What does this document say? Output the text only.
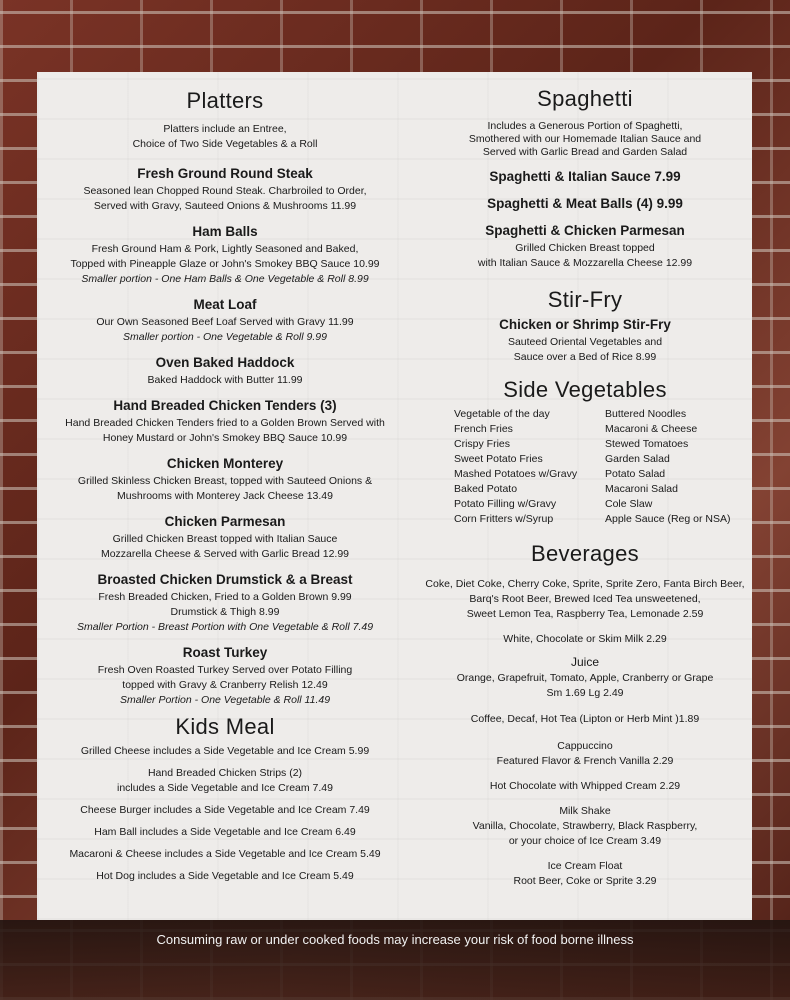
Platters
Platters include an Entree,
Choice of Two Side Vegetables & a Roll
Fresh Ground Round Steak
Seasoned lean Chopped Round Steak. Charbroiled to Order,
Served with Gravy, Sauteed Onions & Mushrooms 11.99
Ham Balls
Fresh Ground Ham & Pork, Lightly Seasoned and Baked,
Topped with Pineapple Glaze or John's Smokey BBQ Sauce 10.99
Smaller portion - One Ham Balls & One Vegetable & Roll 8.99
Meat Loaf
Our Own Seasoned Beef Loaf Served with Gravy 11.99
Smaller portion - One Vegetable & Roll 9.99
Oven Baked Haddock
Baked Haddock with Butter 11.99
Hand Breaded Chicken Tenders (3)
Hand Breaded Chicken Tenders fried to a Golden Brown Served with
Honey Mustard or John's Smokey BBQ Sauce 10.99
Chicken Monterey
Grilled Skinless Chicken Breast, topped with Sauteed Onions &
Mushrooms with Monterey Jack Cheese 13.49
Chicken Parmesan
Grilled Chicken Breast topped with Italian Sauce
Mozzarella Cheese & Served with Garlic Bread 12.99
Broasted Chicken Drumstick & a Breast
Fresh Breaded Chicken, Fried to a Golden Brown 9.99
Drumstick & Thigh 8.99
Smaller Portion - Breast Portion with One Vegetable & Roll 7.49
Roast Turkey
Fresh Oven Roasted Turkey Served over Potato Filling
topped with Gravy & Cranberry Relish 12.49
Smaller Portion - One Vegetable & Roll 11.49
Kids Meal
Grilled Cheese includes a Side Vegetable and Ice Cream 5.99
Hand Breaded Chicken Strips (2)
includes a Side Vegetable and Ice Cream 7.49
Cheese Burger includes a Side Vegetable and Ice Cream 7.49
Ham Ball includes a Side Vegetable and Ice Cream 6.49
Macaroni & Cheese includes a Side Vegetable and Ice Cream 5.49
Hot Dog includes a Side Vegetable and Ice Cream 5.49
Spaghetti
Includes a Generous Portion of Spaghetti,
Smothered with our Homemade Italian Sauce and
Served with Garlic Bread and Garden Salad
Spaghetti & Italian Sauce 7.99
Spaghetti & Meat Balls (4) 9.99
Spaghetti & Chicken Parmesan
Grilled Chicken Breast topped
with Italian Sauce & Mozzarella Cheese 12.99
Stir-Fry
Chicken or Shrimp Stir-Fry
Sauteed Oriental Vegetables and
Sauce over a Bed of Rice 8.99
Side Vegetables
Vegetable of the day
French Fries
Crispy Fries
Sweet Potato Fries
Mashed Potatoes w/Gravy
Baked Potato
Potato Filling w/Gravy
Corn Fritters w/Syrup
Buttered Noodles
Macaroni & Cheese
Stewed Tomatoes
Garden Salad
Potato Salad
Macaroni Salad
Cole Slaw
Apple Sauce (Reg or NSA)
Beverages
Coke, Diet Coke, Cherry Coke, Sprite, Sprite Zero, Fanta Birch Beer,
Barq's Root Beer, Brewed Iced Tea unsweetened,
Sweet Lemon Tea, Raspberry Tea, Lemonade 2.59
White, Chocolate or Skim Milk 2.29
Juice
Orange, Grapefruit, Tomato, Apple, Cranberry or Grape
Sm 1.69 Lg 2.49
Coffee, Decaf, Hot Tea (Lipton or Herb Mint )1.89
Cappuccino
Featured Flavor & French Vanilla 2.29
Hot Chocolate with Whipped Cream 2.29
Milk Shake
Vanilla, Chocolate, Strawberry, Black Raspberry,
or your choice of Ice Cream 3.49
Ice Cream Float
Root Beer, Coke or Sprite 3.29
Consuming raw or under cooked foods may increase your risk of food borne illness
